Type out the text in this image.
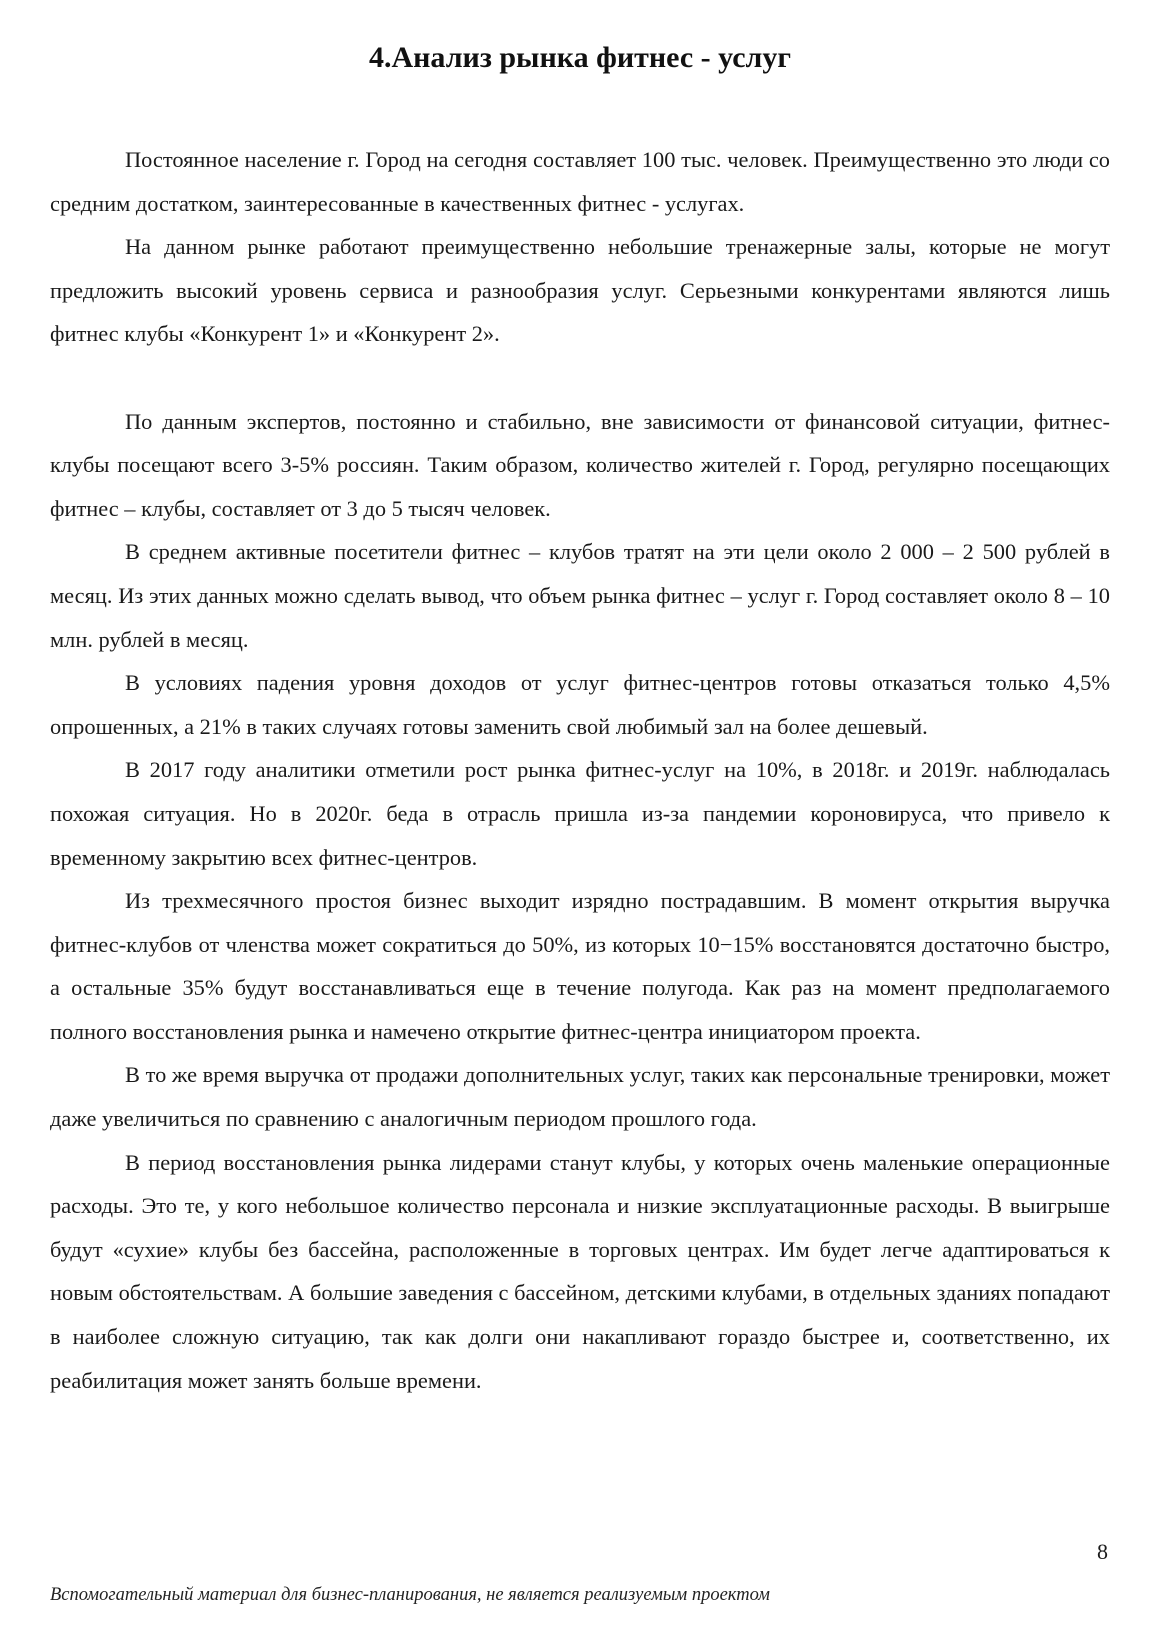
4.Анализ рынка фитнес - услуг

Постоянное население г. Город на сегодня составляет 100 тыс. человек. Преимущественно это люди со средним достатком, заинтересованные в качественных фитнес - услугах.

На данном рынке работают преимущественно небольшие тренажерные залы, которые не могут предложить высокий уровень сервиса и разнообразия услуг. Серьезными конкурентами являются лишь фитнес клубы «Конкурент 1» и «Конкурент 2».

По данным экспертов, постоянно и стабильно, вне зависимости от финансовой ситуации, фитнес-клубы посещают всего 3-5% россиян. Таким образом, количество жителей г. Город, регулярно посещающих фитнес – клубы, составляет от 3 до 5 тысяч человек.

В среднем активные посетители фитнес – клубов тратят на эти цели около 2 000 – 2 500 рублей в месяц. Из этих данных можно сделать вывод, что объем рынка фитнес – услуг г. Город составляет около 8 – 10 млн. рублей в месяц.

В условиях падения уровня доходов от услуг фитнес-центров готовы отказаться только 4,5% опрошенных, а 21% в таких случаях готовы заменить свой любимый зал на более дешевый.

В 2017 году аналитики отметили рост рынка фитнес-услуг на 10%, в 2018г. и 2019г. наблюдалась похожая ситуация. Но в 2020г. беда в отрасль пришла из-за пандемии короновируса, что привело к временному закрытию всех фитнес-центров.

Из трехмесячного простоя бизнес выходит изрядно пострадавшим. В момент открытия выручка фитнес-клубов от членства может сократиться до 50%, из которых 10−15% восстановятся достаточно быстро, а остальные 35% будут восстанавливаться еще в течение полугода. Как раз на момент предполагаемого полного восстановления рынка и намечено открытие фитнес-центра инициатором проекта.

В то же время выручка от продажи дополнительных услуг, таких как персональные тренировки, может даже увеличиться по сравнению с аналогичным периодом прошлого года.

В период восстановления рынка лидерами станут клубы, у которых очень маленькие операционные расходы. Это те, у кого небольшое количество персонала и низкие эксплуатационные расходы. В выигрыше будут «сухие» клубы без бассейна, расположенные в торговых центрах. Им будет легче адаптироваться к новым обстоятельствам. А большие заведения с бассейном, детскими клубами, в отдельных зданиях попадают в наиболее сложную ситуацию, так как долги они накапливают гораздо быстрее и, соответственно, их реабилитация может занять больше времени.

8
Вспомогательный материал для бизнес-планирования, не является реализуемым проектом
